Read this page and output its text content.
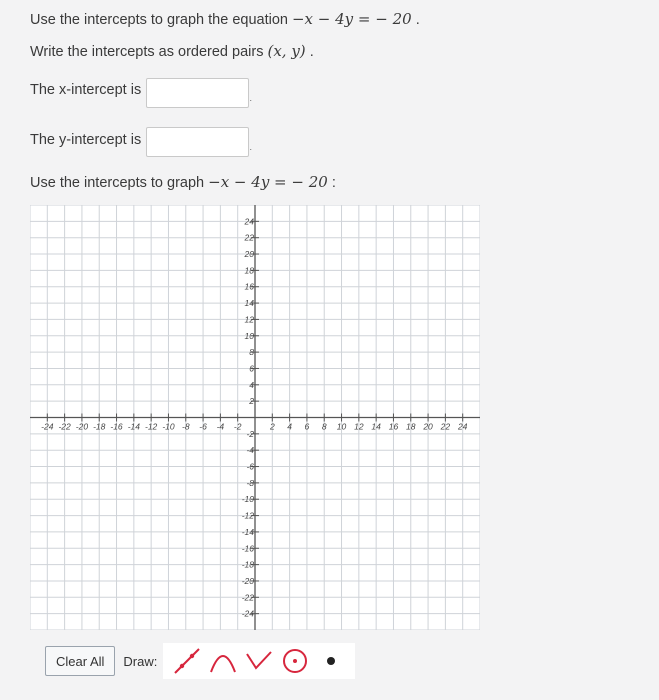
Use the intercepts to graph the equation −x − 4y = − 20 .
Write the intercepts as ordered pairs (x, y) .
The x-intercept is	.
The y-intercept is	.
Use the intercepts to graph −x − 4y = − 20 :
-24 -22 -20 -18 -16 -14 -12 -10 -8 -6 -4 -2	2 4 6 8 10 12 14 16 18 20 22 24
24
22
20
18
16
14
12
10
8
6
4
2
-2
-4
-6
-8
-10
-12
-14
-16
-18
-20
-22
-24
Clear All	Draw:
